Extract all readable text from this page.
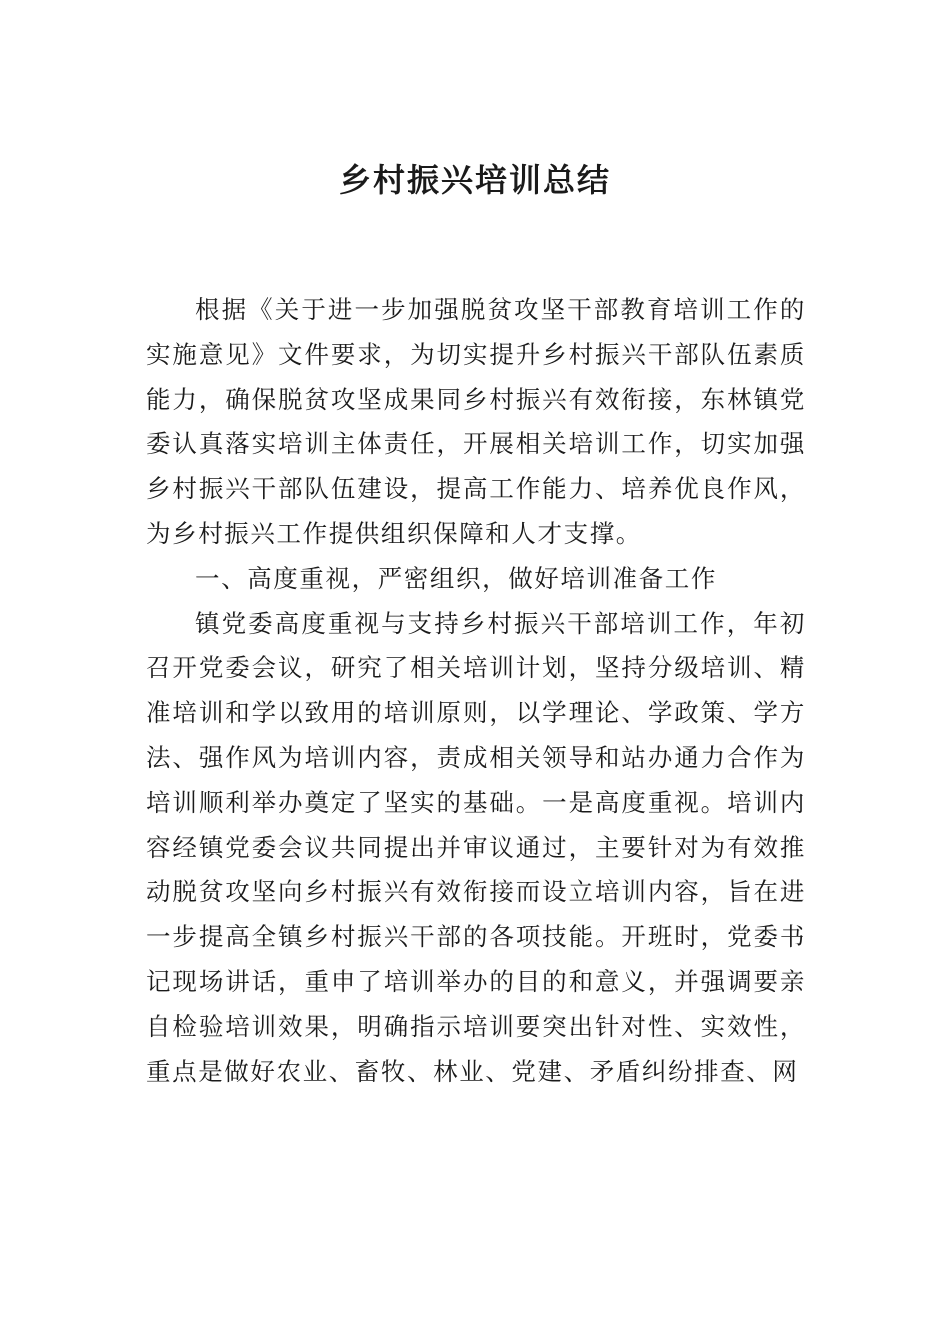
乡村振兴培训总结

根据《关于进一步加强脱贫攻坚干部教育培训工作的实施意见》文件要求，为切实提升乡村振兴干部队伍素质能力，确保脱贫攻坚成果同乡村振兴有效衔接，东林镇党委认真落实培训主体责任，开展相关培训工作，切实加强乡村振兴干部队伍建设，提高工作能力、培养优良作风，为乡村振兴工作提供组织保障和人才支撑。

一、高度重视，严密组织，做好培训准备工作

镇党委高度重视与支持乡村振兴干部培训工作，年初召开党委会议，研究了相关培训计划，坚持分级培训、精准培训和学以致用的培训原则，以学理论、学政策、学方法、强作风为培训内容，责成相关领导和站办通力合作为培训顺利举办奠定了坚实的基础。一是高度重视。培训内容经镇党委会议共同提出并审议通过，主要针对为有效推动脱贫攻坚向乡村振兴有效衔接而设立培训内容，旨在进一步提高全镇乡村振兴干部的各项技能。开班时，党委书记现场讲话，重申了培训举办的目的和意义，并强调要亲自检验培训效果，明确指示培训要突出针对性、实效性，重点是做好农业、畜牧、林业、党建、矛盾纠纷排查、网
